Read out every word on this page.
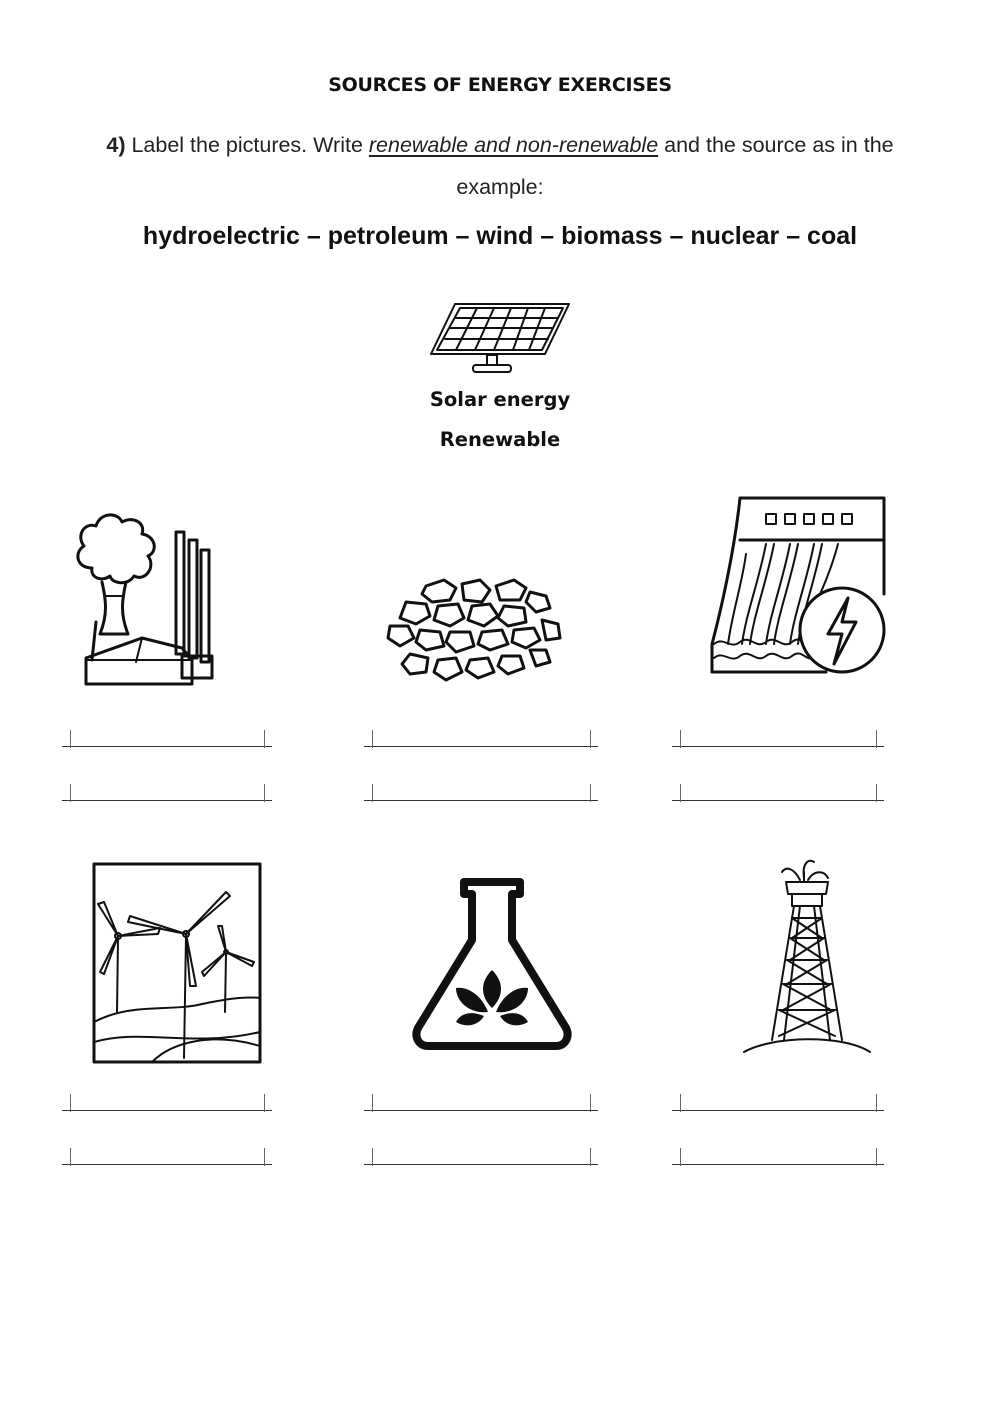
SOURCES OF ENERGY EXERCISES
4) Label the pictures. Write renewable and non-renewable and the source as in the example:
hydroelectric – petroleum – wind – biomass – nuclear – coal
Solar energy
Renewable
